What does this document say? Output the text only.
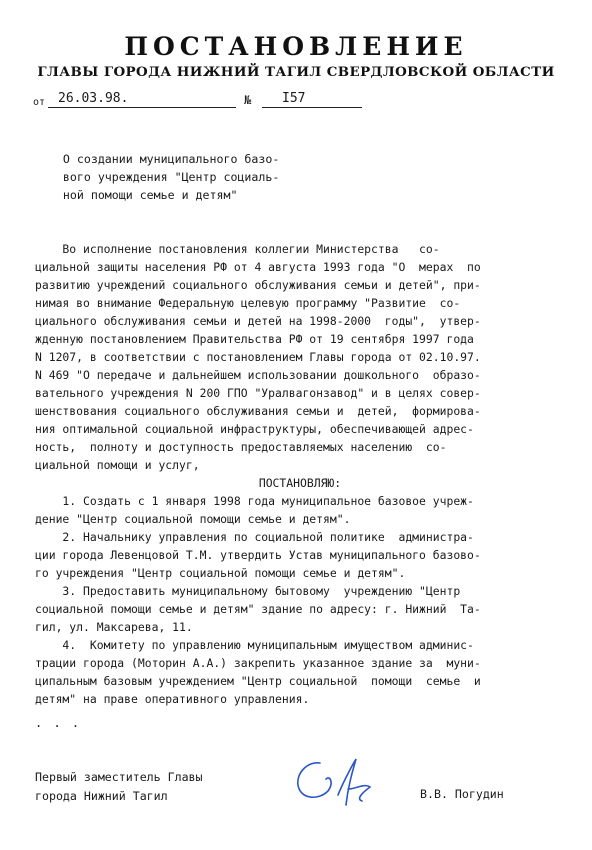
ПОСТАНОВЛЕНИЕ
ГЛАВЫ ГОРОДА НИЖНИЙ ТАГИЛ СВЕРДЛОВСКОЙ ОБЛАСТИ
от 26.03.98.	№ I57

О создании муниципального базо-
вого учреждения "Центр социаль-
ной помощи семье и детям"

Во исполнение постановления коллегии Министерства   со-
циальной защиты населения РФ от 4 августа 1993 года "О  мерах  по
развитию учреждений социального обслуживания семьи и детей", при-
нимая во внимание Федеральную целевую программу "Развитие  со-
циального обслуживания семьи и детей на 1998-2000  годы",  утвер-
жденную постановлением Правительства РФ от 19 сентября 1997 года
N 1207, в соответствии с постановлением Главы города от 02.10.97.
N 469 "О передаче и дальнейшем использовании дошкольного  образо-
вательного учреждения N 200 ГПО "Уралвагонзавод" и в целях совер-
шенствования социального обслуживания семьи и  детей,  формирова-
ния оптимальной социальной инфраструктуры, обеспечивающей адрес-
ность,  полноту и доступность предоставляемых населению  со-
циальной помощи и услуг,
ПОСТАНОВЛЯЮ:
1. Создать с 1 января 1998 года муниципальное базовое учреж-
дение "Центр социальной помощи семье и детям".
2. Начальнику управления по социальной политике  администра-
ции города Левенцовой Т.М. утвердить Устав муниципального базово-
го учреждения "Центр социальной помощи семье и детям".
3. Предоставить муниципальному бытовому  учреждению "Центр
социальной помощи семье и детям" здание по адресу: г. Нижний  Та-
гил, ул. Максарева, 11.
4.  Комитету по управлению муниципальным имуществом админис-
трации города (Моторин А.А.) закрепить указанное здание за  муни-
ципальным базовым учреждением "Центр социальной  помощи  семье  и
детям" на праве оперативного управления.
. . .
Первый заместитель Главы
города Нижний Тагил	В.В. Погудин
